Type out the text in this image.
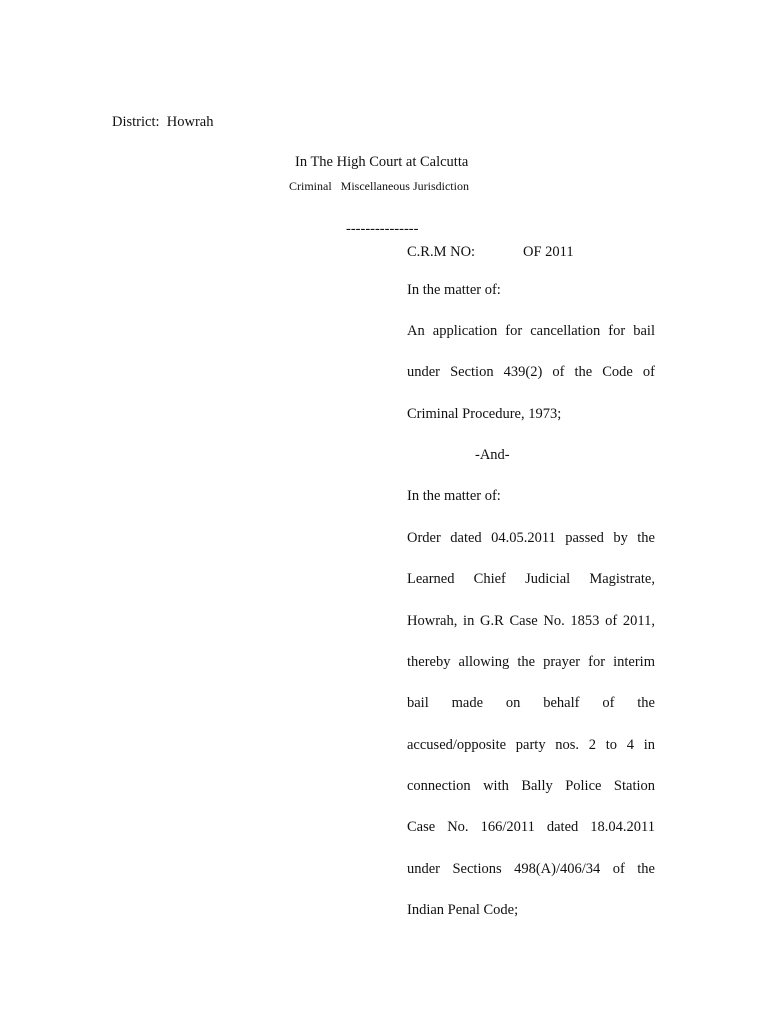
District: Howrah
In The High Court at Calcutta
Criminal   Miscellaneous Jurisdiction
---------------
C.R.M NO:	OF 2011
In the matter of:
An application for cancellation for bail
under Section 439(2) of the Code of
Criminal Procedure, 1973;
-And-
In the matter of:
Order dated 04.05.2011 passed by the
Learned Chief Judicial Magistrate,
Howrah, in G.R Case No. 1853 of 2011,
thereby allowing the prayer for interim
bail made on behalf of the
accused/opposite party nos. 2 to 4 in
connection with Bally Police Station
Case No. 166/2011 dated 18.04.2011
under Sections 498(A)/406/34 of the
Indian Penal Code;
